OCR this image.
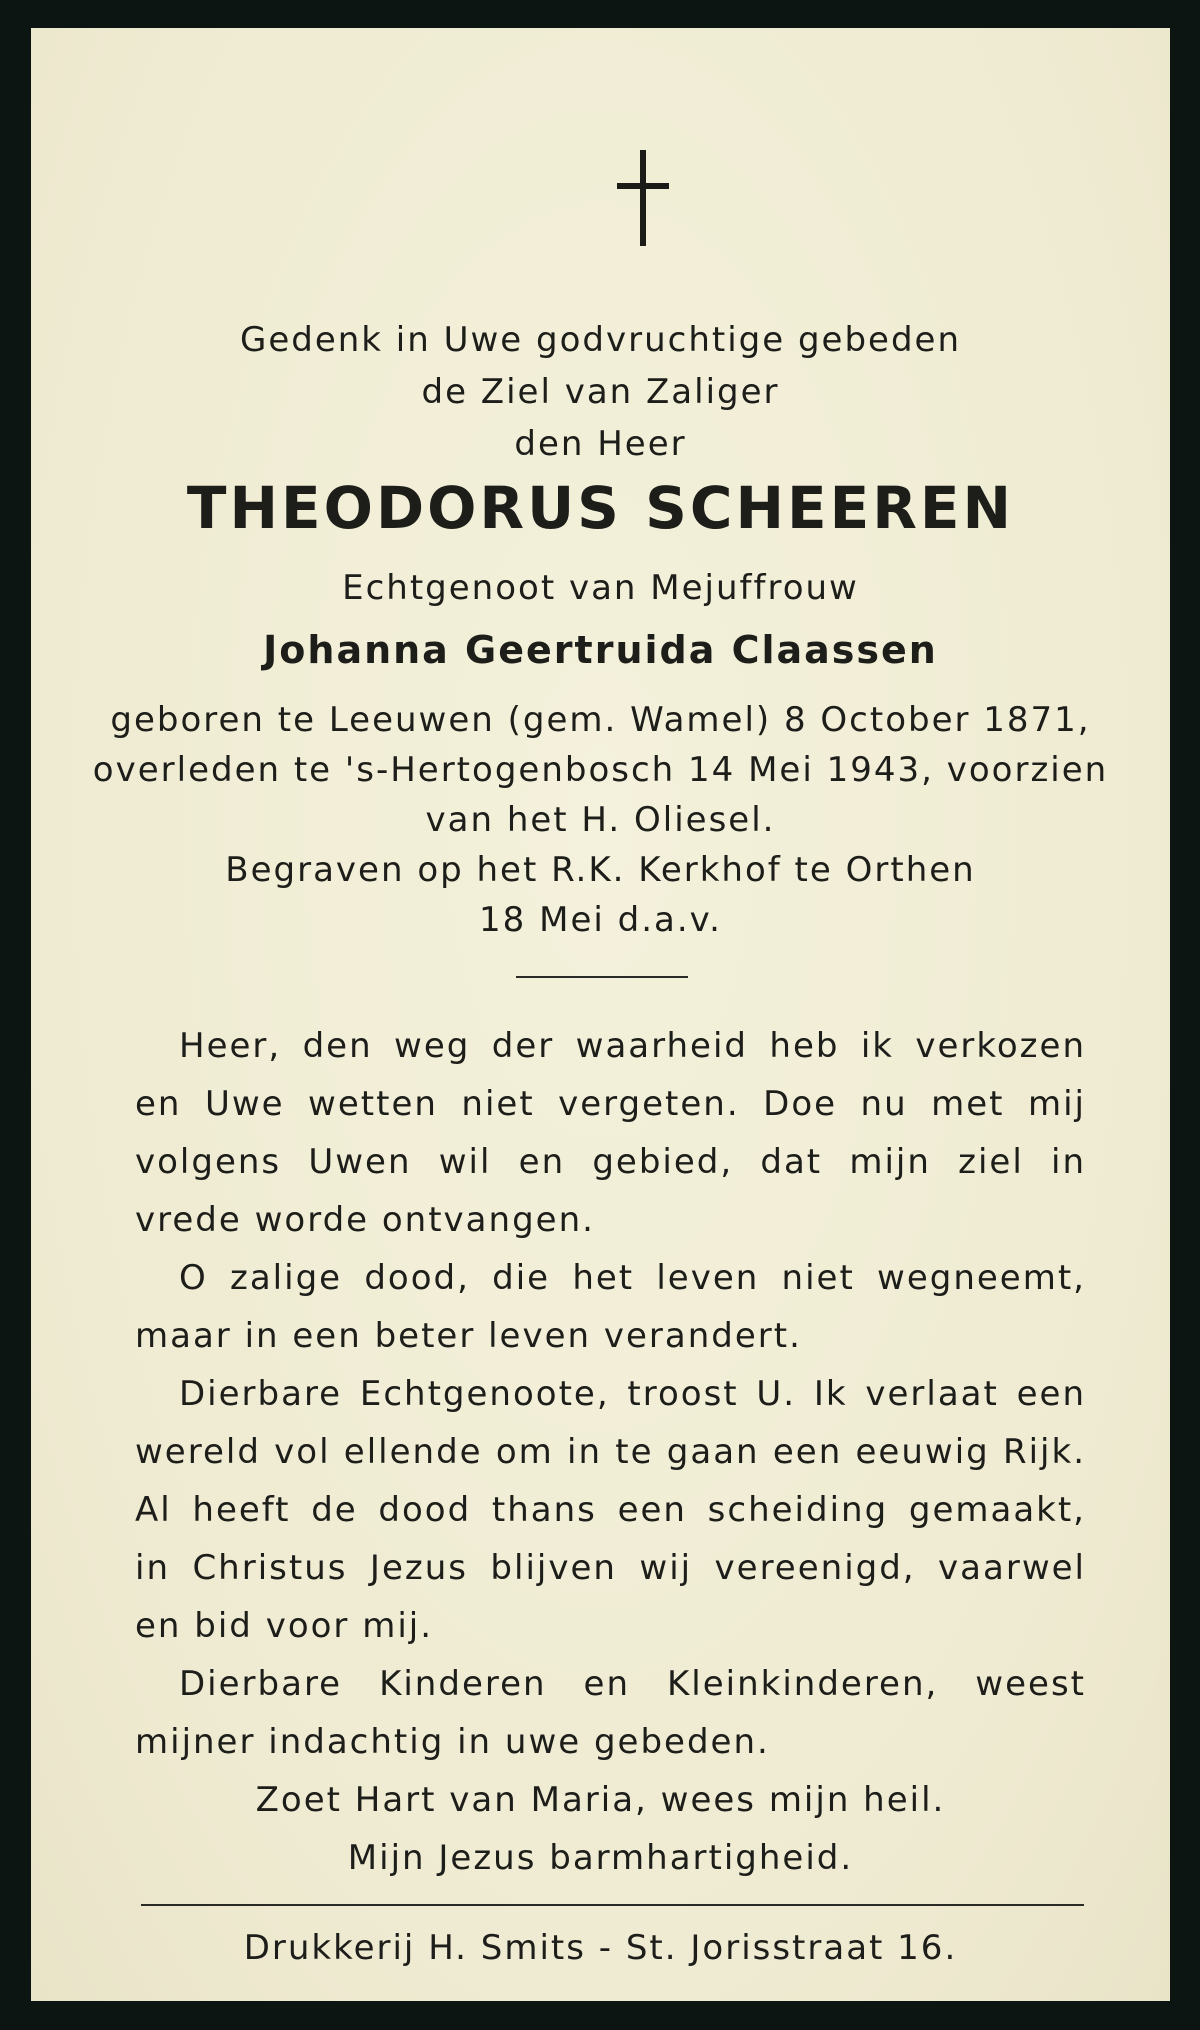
Gedenk in Uwe godvruchtige gebeden
de Ziel van Zaliger
den Heer
THEODORUS SCHEEREN
Echtgenoot van Mejuffrouw
Johanna Geertruida Claassen
geboren te Leeuwen (gem. Wamel) 8 October 1871,
overleden te 's-Hertogenbosch 14 Mei 1943, voorzien
van het H. Oliesel.
Begraven op het R.K. Kerkhof te Orthen
18 Mei d.a.v.
Heer, den weg der waarheid heb ik verkozen
en Uwe wetten niet vergeten. Doe nu met mij
volgens Uwen wil en gebied, dat mijn ziel in
vrede worde ontvangen.
O zalige dood, die het leven niet wegneemt,
maar in een beter leven verandert.
Dierbare Echtgenoote, troost U. Ik verlaat een
wereld vol ellende om in te gaan een eeuwig Rijk.
Al heeft de dood thans een scheiding gemaakt,
in Christus Jezus blijven wij vereenigd, vaarwel
en bid voor mij.
Dierbare Kinderen en Kleinkinderen, weest
mijner indachtig in uwe gebeden.
Zoet Hart van Maria, wees mijn heil.
Mijn Jezus barmhartigheid.
Drukkerij H. Smits - St. Jorisstraat 16.
